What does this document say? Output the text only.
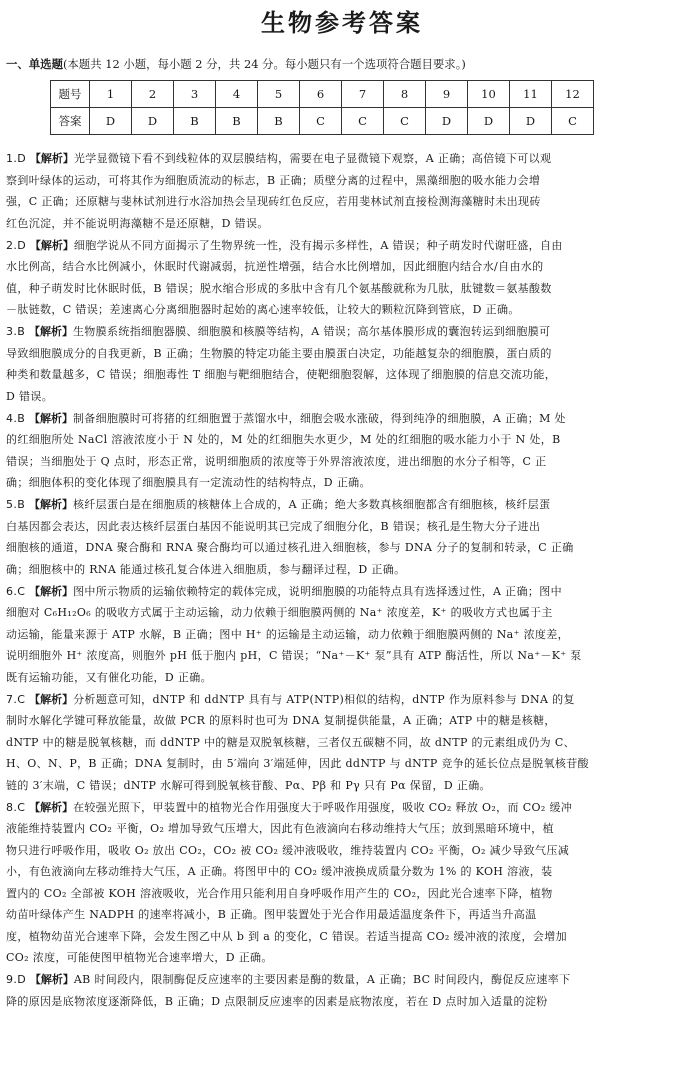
生物参考答案
一、单选题(本题共 12 小题，每小题 2 分，共 24 分。每小题只有一个选项符合题目要求。)
题号	1	2	3	4	5	6	7	8	9	10	11	12
答案	D	D	B	B	B	C	C	C	D	D	D	C
1.D 【解析】光学显微镜下看不到线粒体的双层膜结构，需要在电子显微镜下观察，A 正确；高倍镜下可以观
察到叶绿体的运动，可将其作为细胞质流动的标志，B 正确；质壁分离的过程中，黑藻细胞的吸水能力会增
强，C 正确；还原糖与斐林试剂进行水浴加热会呈现砖红色反应，若用斐林试剂直接检测海藻糖时未出现砖
红色沉淀，并不能说明海藻糖不是还原糖，D 错误。
2.D 【解析】细胞学说从不同方面揭示了生物界统一性，没有揭示多样性，A 错误；种子萌发时代谢旺盛，自由
水比例高，结合水比例减小，休眠时代谢减弱，抗逆性增强，结合水比例增加，因此细胞内结合水/自由水的
值，种子萌发时比休眠时低，B 错误；脱水缩合形成的多肽中含有几个氨基酸就称为几肽，肽键数＝氨基酸数
－肽链数，C 错误；差速离心分离细胞器时起始的离心速率较低，让较大的颗粒沉降到管底，D 正确。
3.B 【解析】生物膜系统指细胞器膜、细胞膜和核膜等结构，A 错误；高尔基体膜形成的囊泡转运到细胞膜可
导致细胞膜成分的自我更新，B 正确；生物膜的特定功能主要由膜蛋白决定，功能越复杂的细胞膜，蛋白质的
种类和数量越多，C 错误；细胞毒性 T 细胞与靶细胞结合，使靶细胞裂解，这体现了细胞膜的信息交流功能，
D 错误。
4.B 【解析】制备细胞膜时可将猪的红细胞置于蒸馏水中，细胞会吸水涨破，得到纯净的细胞膜，A 正确；M 处
的红细胞所处 NaCl 溶液浓度小于 N 处的，M 处的红细胞失水更少，M 处的红细胞的吸水能力小于 N 处，B
错误；当细胞处于 Q 点时，形态正常，说明细胞质的浓度等于外界溶液浓度，进出细胞的水分子相等，C 正
确；细胞体积的变化体现了细胞膜具有一定流动性的结构特点，D 正确。
5.B 【解析】核纤层蛋白是在细胞质的核糖体上合成的，A 正确；绝大多数真核细胞都含有细胞核，核纤层蛋
白基因都会表达，因此表达核纤层蛋白基因不能说明其已完成了细胞分化，B 错误；核孔是生物大分子进出
细胞核的通道，DNA 聚合酶和 RNA 聚合酶均可以通过核孔进入细胞核，参与 DNA 分子的复制和转录，C 正确
确；细胞核中的 RNA 能通过核孔复合体进入细胞质，参与翻译过程，D 正确。
6.C 【解析】图中所示物质的运输依赖特定的载体完成，说明细胞膜的功能特点具有选择透过性，A 正确；图中
细胞对 C₆H₁₂O₆ 的吸收方式属于主动运输，动力依赖于细胞膜两侧的 Na⁺ 浓度差，K⁺ 的吸收方式也属于主
动运输，能量来源于 ATP 水解，B 正确；图中 H⁺ 的运输是主动运输，动力依赖于细胞膜两侧的 Na⁺ 浓度差，
说明细胞外 H⁺ 浓度高，则胞外 pH 低于胞内 pH，C 错误；“Na⁺－K⁺ 泵”具有 ATP 酶活性，所以 Na⁺－K⁺ 泵
既有运输功能，又有催化功能，D 正确。
7.C 【解析】分析题意可知，dNTP 和 ddNTP 具有与 ATP(NTP)相似的结构，dNTP 作为原料参与 DNA 的复
制时水解化学键可释放能量，故做 PCR 的原料时也可为 DNA 复制提供能量，A 正确；ATP 中的糖是核糖，
dNTP 中的糖是脱氧核糖，而 ddNTP 中的糖是双脱氧核糖，三者仅五碳糖不同，故 dNTP 的元素组成仍为 C、
H、O、N、P，B 正确；DNA 复制时，由 5′端向 3′端延伸，因此 ddNTP 与 dNTP 竞争的延长位点是脱氧核苷酸
链的 3′末端，C 错误；dNTP 水解可得到脱氧核苷酸、Pα、Pβ 和 Pγ 只有 Pα 保留，D 正确。
8.C 【解析】在较强光照下，甲装置中的植物光合作用强度大于呼吸作用强度，吸收 CO₂ 释放 O₂，而 CO₂ 缓冲
液能维持装置内 CO₂ 平衡，O₂ 增加导致气压增大，因此有色液滴向右移动维持大气压；放到黑暗环境中，植
物只进行呼吸作用，吸收 O₂ 放出 CO₂，CO₂ 被 CO₂ 缓冲液吸收，维持装置内 CO₂ 平衡，O₂ 减少导致气压减
小，有色液滴向左移动维持大气压，A 正确。将图甲中的 CO₂ 缓冲液换成质量分数为 1% 的 KOH 溶液，装
置内的 CO₂ 全部被 KOH 溶液吸收，光合作用只能利用自身呼吸作用产生的 CO₂，因此光合速率下降，植物
幼苗叶绿体产生 NADPH 的速率将减小，B 正确。图甲装置处于光合作用最适温度条件下，再适当升高温
度，植物幼苗光合速率下降，会发生图乙中从 b 到 a 的变化，C 错误。若适当提高 CO₂ 缓冲液的浓度，会增加
CO₂ 浓度，可能使图甲植物光合速率增大，D 正确。
9.D 【解析】AB 时间段内，限制酶促反应速率的主要因素是酶的数量，A 正确；BC 时间段内，酶促反应速率下
降的原因是底物浓度逐渐降低，B 正确；D 点限制反应速率的因素是底物浓度，若在 D 点时加入适量的淀粉
